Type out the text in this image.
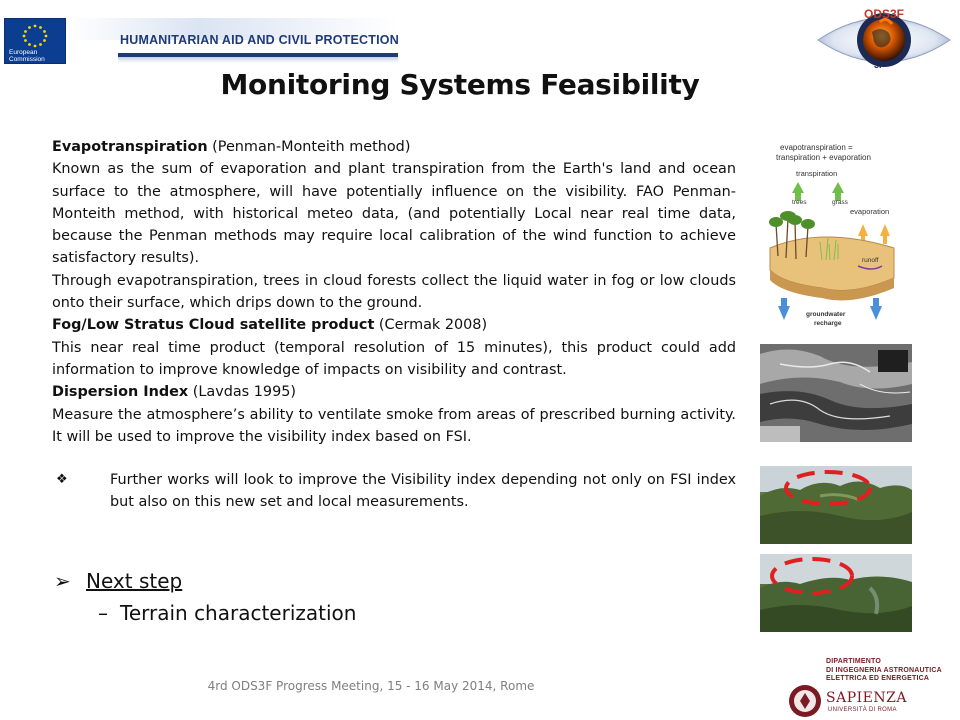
European
Commission
HUMANITARIAN AID AND CIVIL PROTECTION
ODS3F
3F
Monitoring Systems Feasibility

Evapotranspiration (Penman-Monteith method)

Known as the sum of evaporation and plant transpiration from the Earth's land and ocean surface to the atmosphere, will have potentially influence on the visibility. FAO Penman-Monteith method, with historical meteo data, (and potentially Local near real time data, because the Penman methods may require local calibration of the wind function to achieve satisfactory results).

Through evapotranspiration, trees in cloud forests collect the liquid water in fog or low clouds onto their surface, which drips down to the ground.

Fog/Low Stratus Cloud satellite product (Cermak 2008)

This near real time product (temporal resolution of 15 minutes), this product could add information to improve knowledge of impacts on visibility and contrast.

Dispersion Index (Lavdas 1995)

Measure the atmosphere’s ability to ventilate smoke from areas of prescribed burning activity. It will be used to improve the visibility index based on FSI.

❖	Further works will look to improve the Visibility index depending not only on FSI index but also on this new set and local measurements.
➢ Next step
– Terrain characterization
evapotranspiration =
transpiration + evaporation
transpiration
trees	grass
evaporation
runoff
groundwater
recharge
4rd ODS3F Progress Meeting, 15 - 16 May 2014, Rome
DIPARTIMENTO
DI INGEGNERIA ASTRONAUTICA
ELETTRICA ED ENERGETICA
SAPIENZA
UNIVERSITÀ DI ROMA
